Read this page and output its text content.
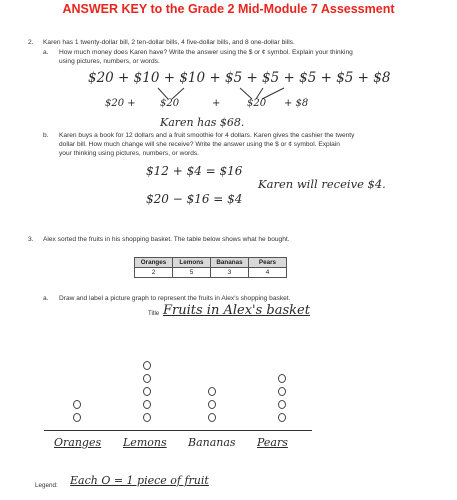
ANSWER KEY to the Grade 2 Mid-Module 7 Assessment
2. Karen has 1 twenty-dollar bill, 2 ten-dollar bills, 4 five-dollar bills, and 8 one-dollar bills.
a. How much money does Karen have? Write the answer using the $ or ¢ symbol. Explain your thinking
using pictures, numbers, or words.
$20 + $10 + $10 + $5 + $5 + $5 + $5 + $8
$20 + $20	+	$20 + $8
Karen has $68.
b. Karen buys a book for 12 dollars and a fruit smoothie for 4 dollars. Karen gives the cashier the twenty
dollar bill. How much change will she receive? Write the answer using the $ or ¢ symbol. Explain
your thinking using pictures, numbers, or words.
$12 + $4 = $16
Karen will receive $4.
$20 − $16 = $4
3. Alex sorted the fruits in his shopping basket. The table below shows what he bought.
Oranges	Lemons	Bananas	Pears
2	5	3	4
a. Draw and label a picture graph to represent the fruits in Alex's shopping basket.
Title Fruits in Alex's basket
Oranges Lemons Bananas Pears
Legend: Each O = 1 piece of fruit
